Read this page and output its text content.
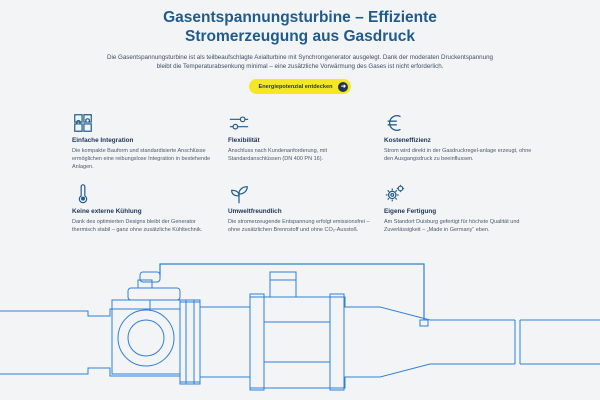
Gasentspannungsturbine – Effiziente
Stromerzeugung aus Gasdruck

Die Gasentspannungsturbine ist als teilbeaufschlagte Axialturbine mit Synchrongenerator ausgelegt. Dank der moderaten Druckentspannung bleibt die Temperaturabsenkung minimal – eine zusätzliche Vorwärmung des Gases ist nicht erforderlich.

Energiepotenzial entdecken	➜
Einfache Integration

Die kompakte Bauform und standardisierte Anschlüsse ermöglichen eine reibungslose Integration in bestehende Anlagen.

Flexibilität

Anschluss nach Kundenanforderung, mit Standardanschlüssen (DN 400 PN 16).

Kosteneffizienz

Strom wird direkt in der Gasdruckregel-anlage erzeugt, ohne den Ausgangsdruck zu beeinflussen.

Keine externe Kühlung

Dank des optimierten Designs bleibt der Generator thermisch stabil – ganz ohne zusätzliche Kühltechnik.

Umweltfreundlich

Die stromerzeugende Entspannung erfolgt emissionsfrei – ohne zusätzlichen Brennstoff und ohne CO₂-Ausstoß.

Eigene Fertigung

Am Standort Duisburg gefertigt für höchste Qualität und Zuverlässigkeit – „Made in Germany“ eben.
